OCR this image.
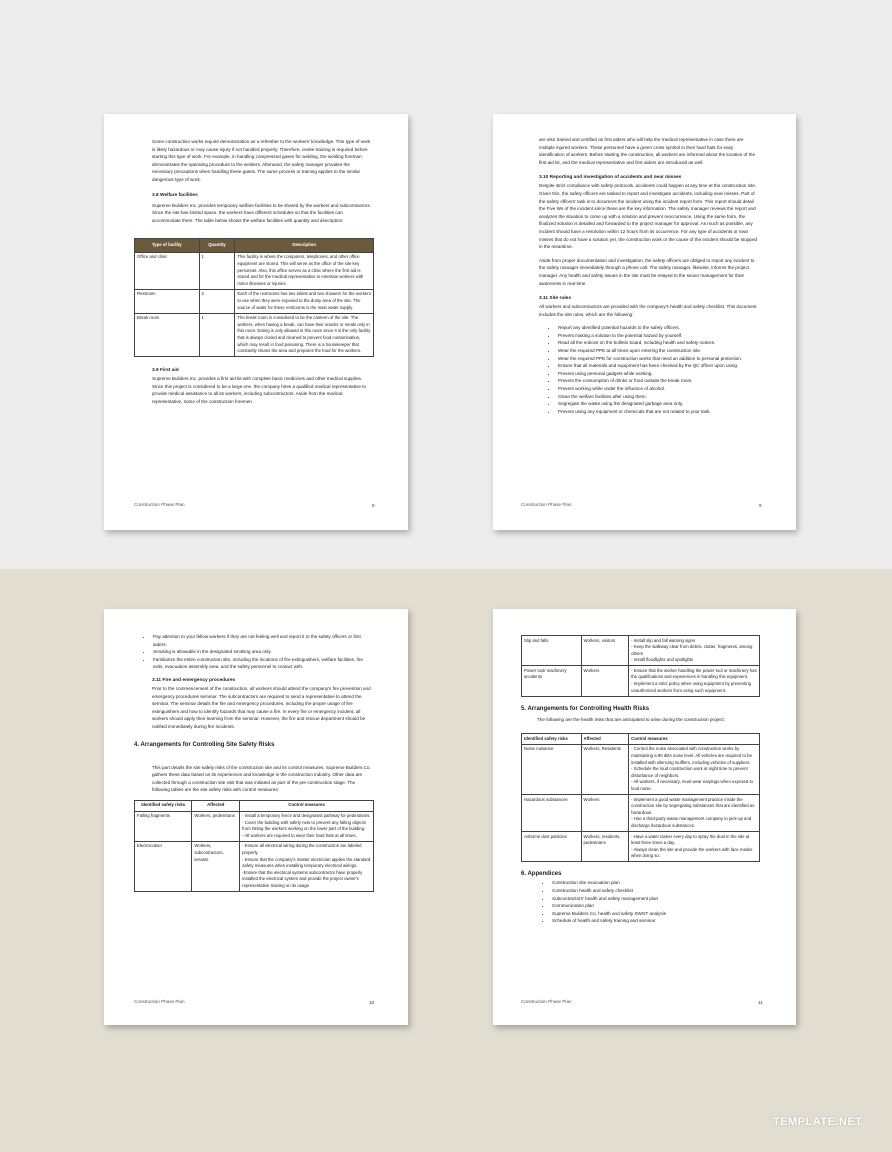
Some construction works require demonstration as a refresher to the workers' knowledge. This type of work is likely hazardous or may cause injury if not handled properly. Therefore, onsite training is required before starting this type of work. For example, in handling compressed gases for welding, the welding foreman demonstrates the operating procedure to the welders. Afterward, the safety manager provides the necessary precautions when handling these gases. The same process or training applies to the similar dangerous type of work.

3.8 Welfare facilities

Supreme Builders Inc. provides temporary welfare facilities to be shared by the workers and subcontractors. Since the site has limited space, the workers have different schedules so that the facilities can accommodate them. The table below shows the welfare facilities with quantity and description:

Type of facility	Quantity	Description
Office and clinic	1	This facility is where the computers, telephones, and other office equipment are stored. This will serve as the office of the site key personnel. Also, this office serves as a clinic where the first aid is stored and for the medical representative to entertain workers with minor illnesses or injuries.
Restroom	2	Each of the restrooms has two toilets and two showers for the workers to use when they were exposed to the dusty area of the site. The source of water for these restrooms is the main water supply.
Break room	1	The break room is considered to be the canteen of the site. The workers, when having a break, can have their snacks or meals only in this room. Eating is only allowed in this room since it is the only facility that is always closed and cleaned to prevent food contamination, which may result in food poisoning. There is a housekeeper that constantly cleans the area and prepares the food for the workers.

3.9 First aid

Supreme Builders Inc. provides a first aid kit with complete basic medicines and other medical supplies. Since this project is considered to be a large one, the company hires a qualified medical representative to provide medical assistance to all its workers, including subcontractors. Aside from the medical representative, some of the construction foremen

Construction Phase Plan	8

are also trained and certified as first aiders who will help the medical representative in case there are multiple injured workers. These personnel have a green cross symbol in their hard hats for easy identification of workers. Before starting the construction, all workers are informed about the location of the first aid kit, and the medical representative and first aiders are introduced as well.

3.10 Reporting and investigation of accidents and near misses

Despite strict compliance with safety protocols, accidents could happen at any time at the construction site. Given this, the safety officers are tasked to report and investigate accidents, including near misses. Part of the safety officers' task is to document the incident using the incident report form. This report should detail the Five Ws of the incident since these are the key information. The safety manager reviews the report and analyzes the situation to come up with a solution and prevent reoccurrence. Using the same form, the finalized solution is detailed and forwarded to the project manager for approval. As much as possible, any incident should have a resolution within 12 hours from its occurrence. For any type of accidents or near misses that do not have a solution yet, the construction work or the cause of the incident should be stopped in the meantime.

Aside from proper documentation and investigation, the safety officers are obliged to report any incident to the safety manager immediately through a phone call. The safety manager, likewise, informs the project manager. Any health and safety issues in the site must be relayed to the senior management for their awareness in real-time.

3.11 Site rules

All workers and subcontractors are provided with the company's health and safety checklist. This document includes the site rules, which are the following:

• Report any identified potential hazards to the safety officers.
• Prevent making a solution to the potential hazard by yourself.
• Read all the notices on the bulletin board, including health and safety notices.
• Wear the required PPE at all times upon entering the construction site.
• Wear the required PPE for construction works that need an addition to personal protection.
• Ensure that all materials and equipment has been checked by the QC officer upon using.
• Prevent using personal gadgets while working.
• Prevent the consumption of drinks or food outside the break room.
• Prevent working while under the influence of alcohol.
• Clean the welfare facilities after using them.
• Segregate the waste using the designated garbage area only.
• Prevent using any equipment or chemicals that are not related to your task.
Construction Phase Plan	9
• Pay attention to your fellow workers if they are not feeling well and report it to the safety officers or first aiders.
• Smoking is allowable in the designated smoking area only.
• Familiarize the entire construction site, including the locations of fire extinguishers, welfare facilities, fire exits, evacuation assembly area, and the safety personnel to contact with.

3.11 Fire and emergency procedures

Prior to the commencement of the construction, all workers should attend the company's fire prevention and emergency procedures seminar. The subcontractors are required to send a representative to attend the seminar. The seminar details the fire and emergency procedures, including the proper usage of fire extinguishers and how to identify hazards that may cause a fire. In every fire or emergency incident, all workers should apply their learning from the seminar. However, the fire and rescue department should be notified immediately during fire incidents.

4. Arrangements for Controlling Site Safety Risks

This part details the site safety risks of the construction site and its control measures. Supreme Builders Co. gathers these data based on its experiences and knowledge in the construction industry. Other data are collected through a construction site visit that was initiated as part of the pre-construction stage. The following tables are the site safety risks with control measures:

Identified safety risks	Affected	Control measures
Falling fragments	Workers, pedestrians	- Install a temporary fence and designated pathway for pedestrians.
- Cover the building with safety nets to prevent any falling objects from hitting the workers working on the lower part of the building.
- All workers are required to wear their hard hats at all times.
Electrocution	Workers, subcontractors, tenants	- Ensure all electrical wiring during the construction are labeled properly.
- Ensure that the company's master electrician applies the standard safety measures when installing temporary electrical wirings.
-Ensure that the electrical systems subcontractor have properly installed the electrical system and provide the project owner's representative training on its usage
Construction Phase Plan	10
Slip and falls	Workers, visitors	- Install slip and fall warning signs
- Keep the walkway clear from debris, clutter, fragments, among others
- Install floodlights and spotlights
Power tool/ machinery accidents	Workers	- Ensure that the worker handling the power tool or machinery has the qualifications and experiences in handling this equipment.
- Implement a strict policy when using equipment by preventing unauthorized workers from using such equipment.

5. Arrangements for Controlling Health Risks

The following are the health risks that are anticipated to arise during the construction project:

Identified safety risks	Affected	Control measures
Noise nuisance	Workers, Residents	- Control the noise associated with construction works by maintaining a 90 dBA noise level. All vehicles are required to be installed with silencing mufflers, including vehicles of suppliers.
- Schedule the loud construction work at night time to prevent disturbance of neighbors.
- All workers, if necessary, must wear earplugs when exposed to loud noise.
Hazardous substances	Workers	- Implement a good waste management practice inside the construction site by segregating substances that are identified as hazardous.
- Hire a third-party waste management company to pick-up and discharge hazardous substances.
Airborne dust particles	Workers, residents, pedestrians	- Have a water tanker every day to spray the dust in the site at least three times a day.
- Always clean the site and provide the workers with face masks when doing so.

6. Appendices

• Construction site evacuation plan
• Construction health and safety checklist
• Subcontractors' health and safety management plan
• Communication plan
• Supreme Builders Co. health and safety SWOT analysis
• Schedule of health and safety training and seminar
Construction Phase Plan	11
TEMPLATE.NET
